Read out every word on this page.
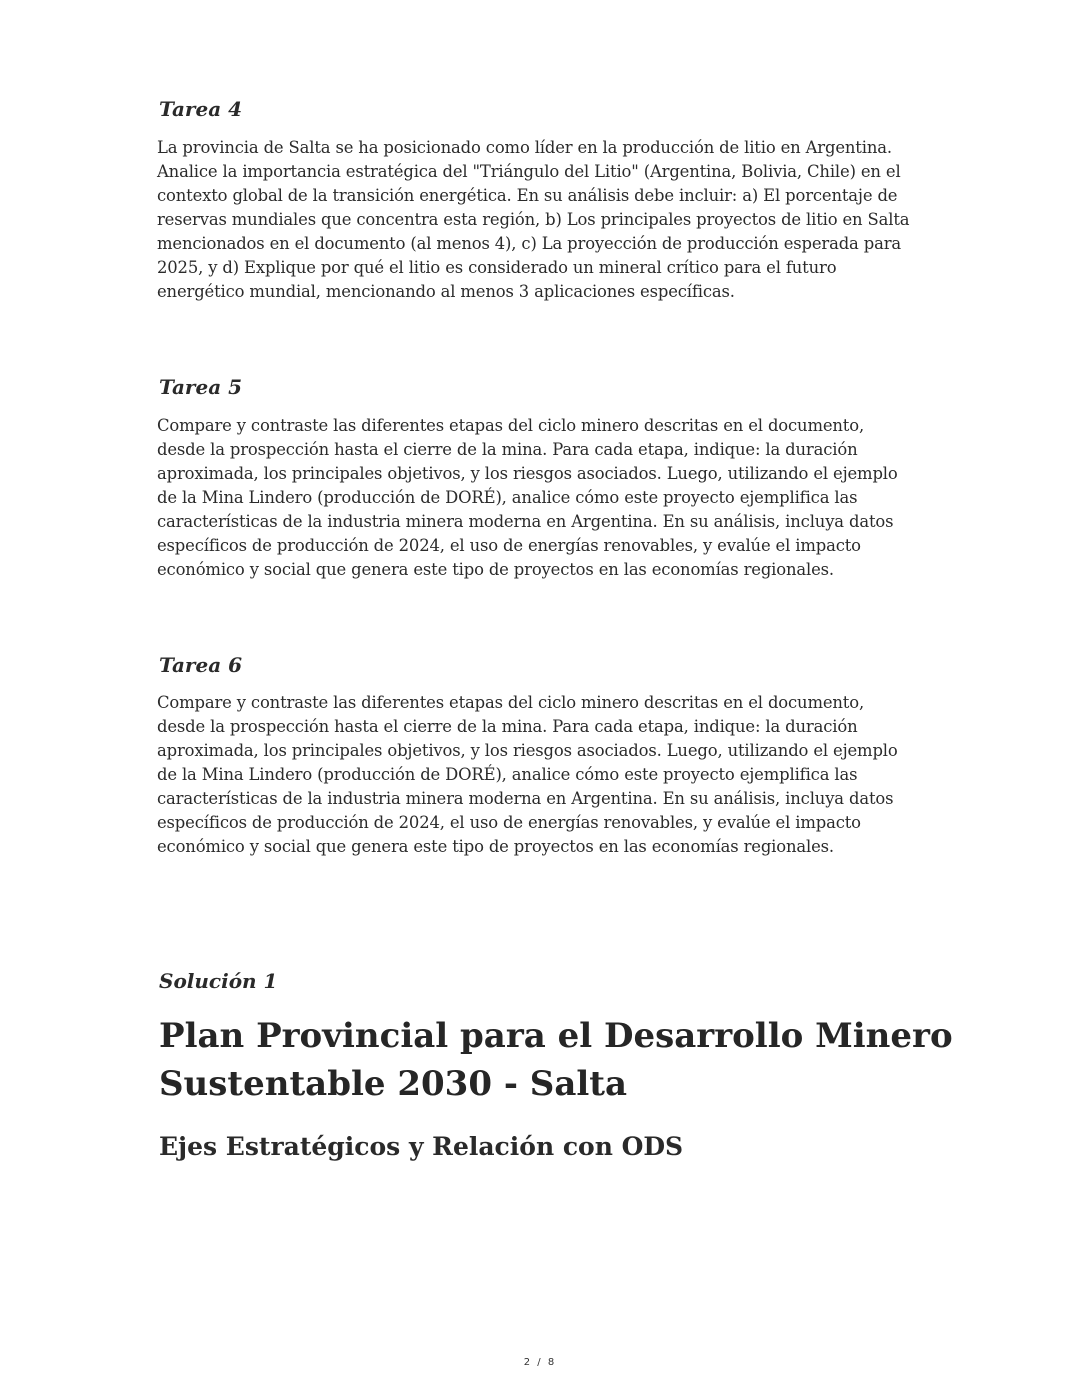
Tarea 4

La provincia de Salta se ha posicionado como líder en la producción de litio en Argentina.
Analice la importancia estratégica del "Triángulo del Litio" (Argentina, Bolivia, Chile) en el
contexto global de la transición energética. En su análisis debe incluir: a) El porcentaje de
reservas mundiales que concentra esta región, b) Los principales proyectos de litio en Salta
mencionados en el documento (al menos 4), c) La proyección de producción esperada para
2025, y d) Explique por qué el litio es considerado un mineral crítico para el futuro
energético mundial, mencionando al menos 3 aplicaciones específicas.

Tarea 5

Compare y contraste las diferentes etapas del ciclo minero descritas en el documento,
desde la prospección hasta el cierre de la mina. Para cada etapa, indique: la duración
aproximada, los principales objetivos, y los riesgos asociados. Luego, utilizando el ejemplo
de la Mina Lindero (producción de DORÉ), analice cómo este proyecto ejemplifica las
características de la industria minera moderna en Argentina. En su análisis, incluya datos
específicos de producción de 2024, el uso de energías renovables, y evalúe el impacto
económico y social que genera este tipo de proyectos en las economías regionales.

Tarea 6

Compare y contraste las diferentes etapas del ciclo minero descritas en el documento,
desde la prospección hasta el cierre de la mina. Para cada etapa, indique: la duración
aproximada, los principales objetivos, y los riesgos asociados. Luego, utilizando el ejemplo
de la Mina Lindero (producción de DORÉ), analice cómo este proyecto ejemplifica las
características de la industria minera moderna en Argentina. En su análisis, incluya datos
específicos de producción de 2024, el uso de energías renovables, y evalúe el impacto
económico y social que genera este tipo de proyectos en las economías regionales.

Solución 1
Plan Provincial para el Desarrollo Minero
Sustentable 2030 - Salta
Ejes Estratégicos y Relación con ODS
2 / 8
